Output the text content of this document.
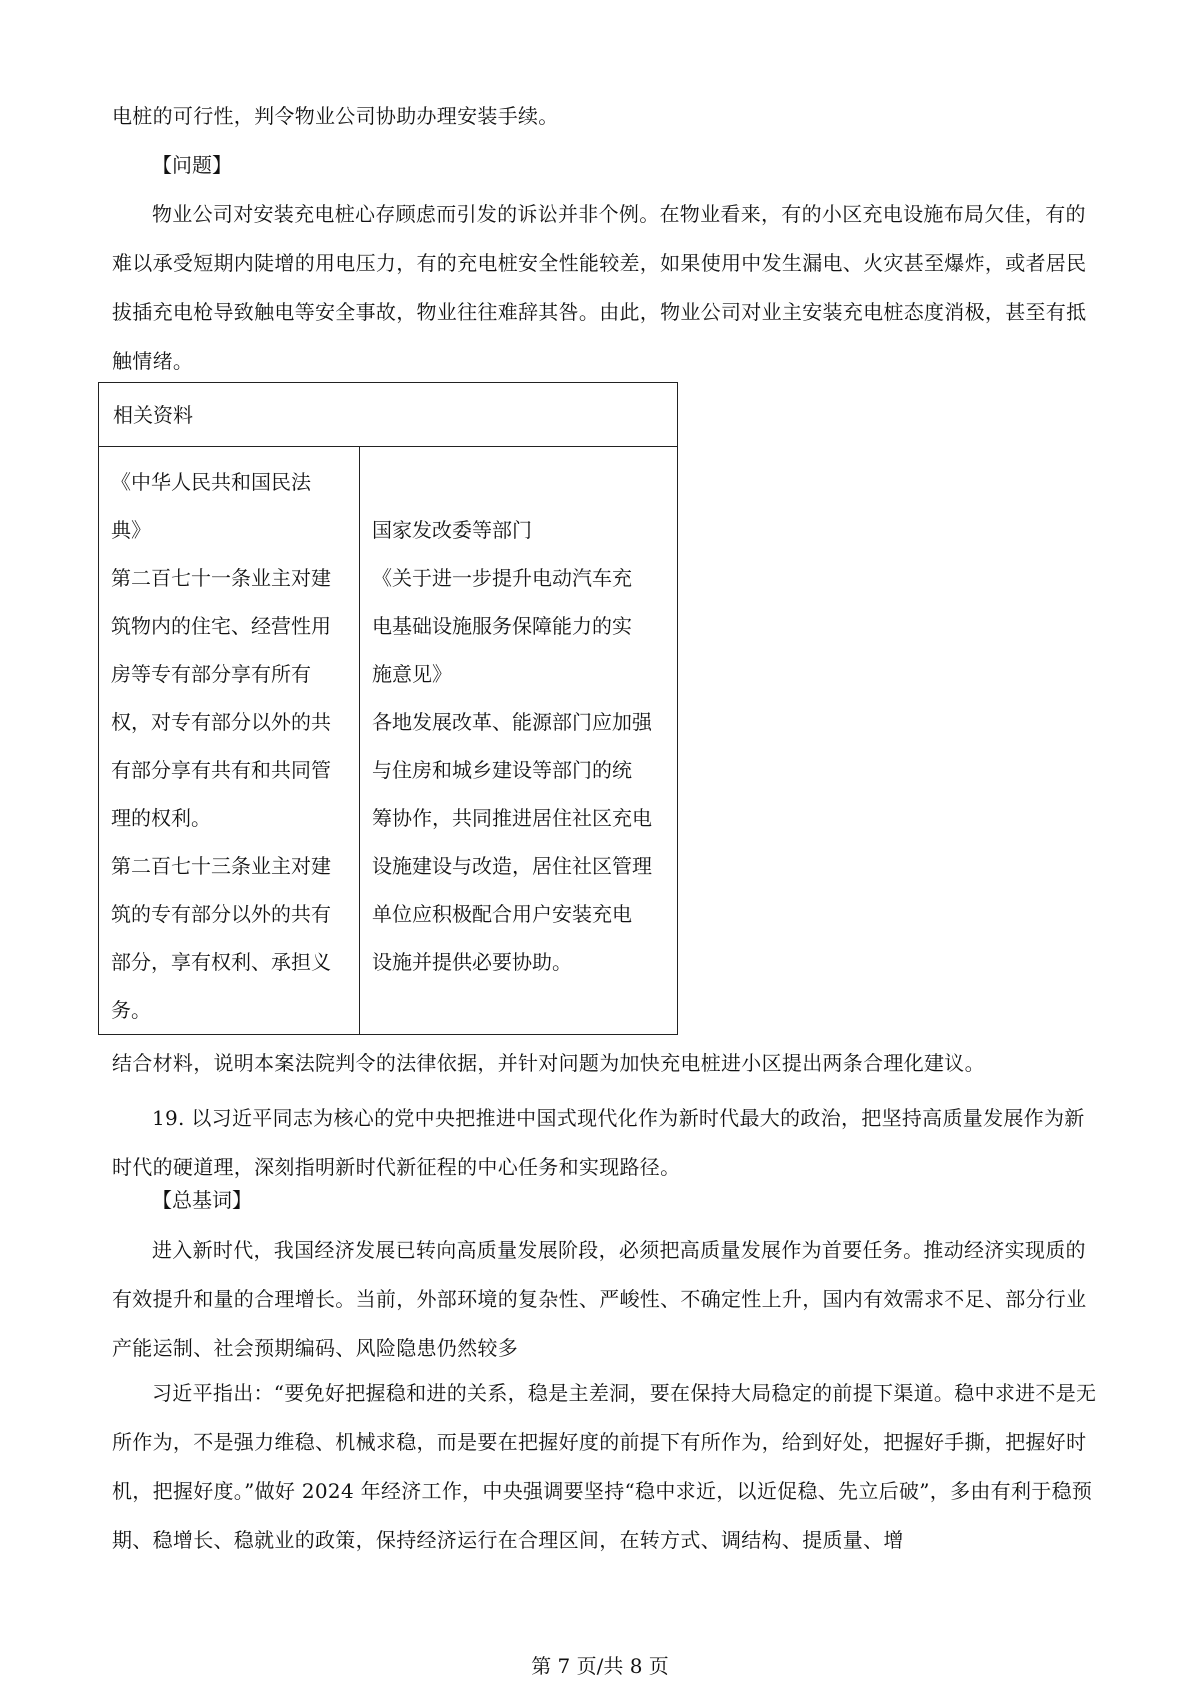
电桩的可行性，判令物业公司协助办理安装手续。

【问题】

物业公司对安装充电桩心存顾虑而引发的诉讼并非个例。在物业看来，有的小区充电设施布局欠佳，有的难以承受短期内陡增的用电压力，有的充电桩安全性能较差，如果使用中发生漏电、火灾甚至爆炸，或者居民拔插充电枪导致触电等安全事故，物业往往难辞其咎。由此，物业公司对业主安装充电桩态度消极，甚至有抵触情绪。

相关资料
《中华人民共和国民法
典》
第二百七十一条业主对建
筑物内的住宅、经营性用
房等专有部分享有所有
权，对专有部分以外的共
有部分享有共有和共同管
理的权利。
第二百七十三条业主对建
筑的专有部分以外的共有
部分，享有权利、承担义
务。
国家发改委等部门
《关于进一步提升电动汽车充
电基础设施服务保障能力的实
施意见》
各地发展改革、能源部门应加强
与住房和城乡建设等部门的统
筹协作，共同推进居住社区充电
设施建设与改造，居住社区管理
单位应积极配合用户安装充电
设施并提供必要协助。

结合材料，说明本案法院判令的法律依据，并针对问题为加快充电桩进小区提出两条合理化建议。

19. 以习近平同志为核心的党中央把推进中国式现代化作为新时代最大的政治，把坚持高质量发展作为新时代的硬道理，深刻指明新时代新征程的中心任务和实现路径。

【总基词】

进入新时代，我国经济发展已转向高质量发展阶段，必须把高质量发展作为首要任务。推动经济实现质的有效提升和量的合理增长。当前，外部环境的复杂性、严峻性、不确定性上升，国内有效需求不足、部分行业产能运制、社会预期编码、风险隐患仍然较多

习近平指出：“要免好把握稳和进的关系，稳是主差洞，要在保持大局稳定的前提下渠道。稳中求进不是无所作为，不是强力维稳、机械求稳，而是要在把握好度的前提下有所作为，给到好处，把握好手撕，把握好时机，把握好度。”做好 2024 年经济工作，中央强调要坚持“稳中求近，以近促稳、先立后破”，多由有利于稳预期、稳增长、稳就业的政策，保持经济运行在合理区间，在转方式、调结构、提质量、增

第 7 页/共 8 页
